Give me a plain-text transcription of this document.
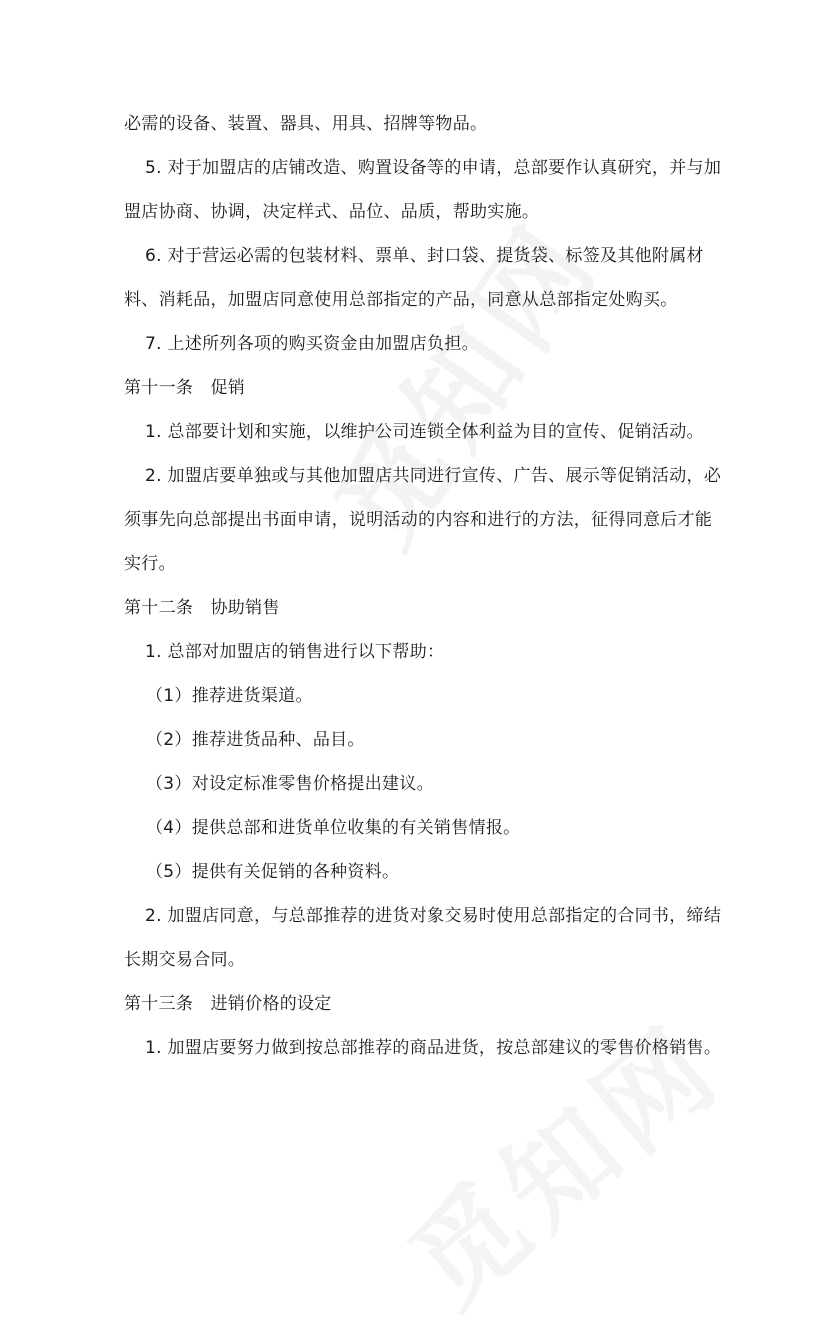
必需的设备、装置、器具、用具、招牌等物品。
5. 对于加盟店的店铺改造、购置设备等的申请，总部要作认真研究，并与加
盟店协商、协调，决定样式、品位、品质，帮助实施。
6. 对于营运必需的包装材料、票单、封口袋、提货袋、标签及其他附属材
料、消耗品，加盟店同意使用总部指定的产品，同意从总部指定处购买。
7. 上述所列各项的购买资金由加盟店负担。
第十一条　促销
1. 总部要计划和实施，以维护公司连锁全体利益为目的宣传、促销活动。
2. 加盟店要单独或与其他加盟店共同进行宣传、广告、展示等促销活动，必
须事先向总部提出书面申请，说明活动的内容和进行的方法，征得同意后才能
实行。
第十二条　协助销售
1. 总部对加盟店的销售进行以下帮助：
（1）推荐进货渠道。
（2）推荐进货品种、品目。
（3）对设定标准零售价格提出建议。
（4）提供总部和进货单位收集的有关销售情报。
（5）提供有关促销的各种资料。
2. 加盟店同意，与总部推荐的进货对象交易时使用总部指定的合同书，缔结
长期交易合同。
第十三条　进销价格的设定
1. 加盟店要努力做到按总部推荐的商品进货，按总部建议的零售价格销售。
